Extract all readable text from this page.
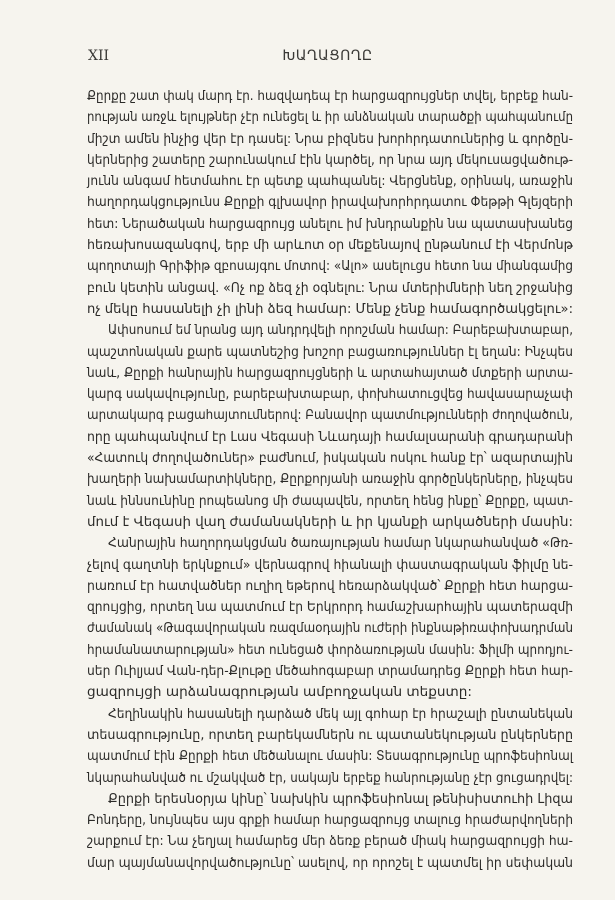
XII	ԽԱՂԱՑՈՂԸ
Քըրքը շատ փակ մարդ էր. հազվադեպ էր հարցազրույցներ տվել, երբեք հան-
րության առջև ելույթներ չէր ունեցել և իր անձնական տարածքի պահպանումը
միշտ ամեն ինչից վեր էր դասել: Նրա բիզնես խորհրդատուներից և գործըն-
կերներից շատերը շարունակում էին կարծել, որ նրա այդ մեկուսացվածութ-
յունն անգամ հետմահու էր պետք պահպանել: Վերցնենք, օրինակ, առաջին
հաղորդակցությունս Քըրքի գլխավոր իրավախորհրդատու Փեթթի Գլեյզերի
հետ: Ներածական հարցազրույց անելու իմ խնդրանքին նա պատասխանեց
հեռախոսազանգով, երբ մի արևոտ օր մեքենայով ընթանում էի Վերմոնթ
պողոտայի Գրիֆիթ զբոսայգու մոտով: «Ալո» ասելուցս հետո նա միանգամից
բուն կետին անցավ. «Ոչ ոք ձեզ չի օգնելու: Նրա մտերիմների նեղ շրջանից
ոչ մեկը հասանելի չի լինի ձեզ համար: Մենք չենք համագործակցելու»:
Ափսոսում եմ նրանց այդ անդրդվելի որոշման համար: Բարեբախտաբար,
պաշտոնական քարե պատնեշից խոշոր բացառություններ էլ եղան: Ինչպես
նաև, Քըրքի հանրային հարցազրույցների և արտահայտած մտքերի արտա-
կարգ սակավությունը, բարեբախտաբար, փոխհատուցվեց հավասարաչափ
արտակարգ բացահայտումներով: Բանավոր պատմությունների ժողովածուն,
որը պահպանվում էր Լաս Վեգասի Նևադայի համալսարանի գրադարանի
«Հատուկ ժողովածուներ» բաժնում, իսկական ոսկու հանք էր՝ ազարտային
խաղերի նախամարտիկները, Քըրքորյանի առաջին գործընկերները, ինչպես
նաև իննսունինը րոպեանոց մի ժապավեն, որտեղ հենց ինքը՝ Քըրքը, պատ-
մում է Վեգասի վաղ ժամանակների և իր կյանքի արկածների մասին:
Հանրային հաղորդակցման ծառայության համար նկարահանված «Թռ-
չելով գաղտնի երկնքում» վերնագրով հիանալի փաստագրական ֆիլմը նե-
րառում էր հատվածներ ուղիղ եթերով հեռարձակված՝ Քըրքի հետ հարցա-
զրույցից, որտեղ նա պատմում էր Երկրորդ համաշխարհային պատերազմի
ժամանակ «Թագավորական ռազմաօդային ուժերի ինքնաթիռափոխադրման
հրամանատարության» հետ ունեցած փորձառության մասին: Ֆիլմի պրոդյու-
սեր Ուիլյամ Վան-դեր-Քլութը մեծահոգաբար տրամադրեց Քըրքի հետ հար-
ցազրույցի արձանագրության ամբողջական տեքստը:
Հեղինակին հասանելի դարձած մեկ այլ գոհար էր հրաշալի ընտանեկան
տեսագրությունը, որտեղ բարեկամներն ու պատանեկության ընկերները
պատմում էին Քըրքի հետ մեծանալու մասին: Տեսագրությունը պրոֆեսիոնալ
նկարահանված ու մշակված էր, սակայն երբեք հանրությանը չէր ցուցադրվել:
Քըրքի երեսնօրյա կինը՝ նախկին պրոֆեսիոնալ թենիսիստուհի Լիզա
Բոնդերը, նույնպես այս գրքի համար հարցազրույց տալուց հրաժարվողների
շարքում էր: Նա չեղյալ համարեց մեր ձեռք բերած միակ հարցազրույցի հա-
մար պայմանավորվածությունը՝ ասելով, որ որոշել է պատմել իր սեփական
